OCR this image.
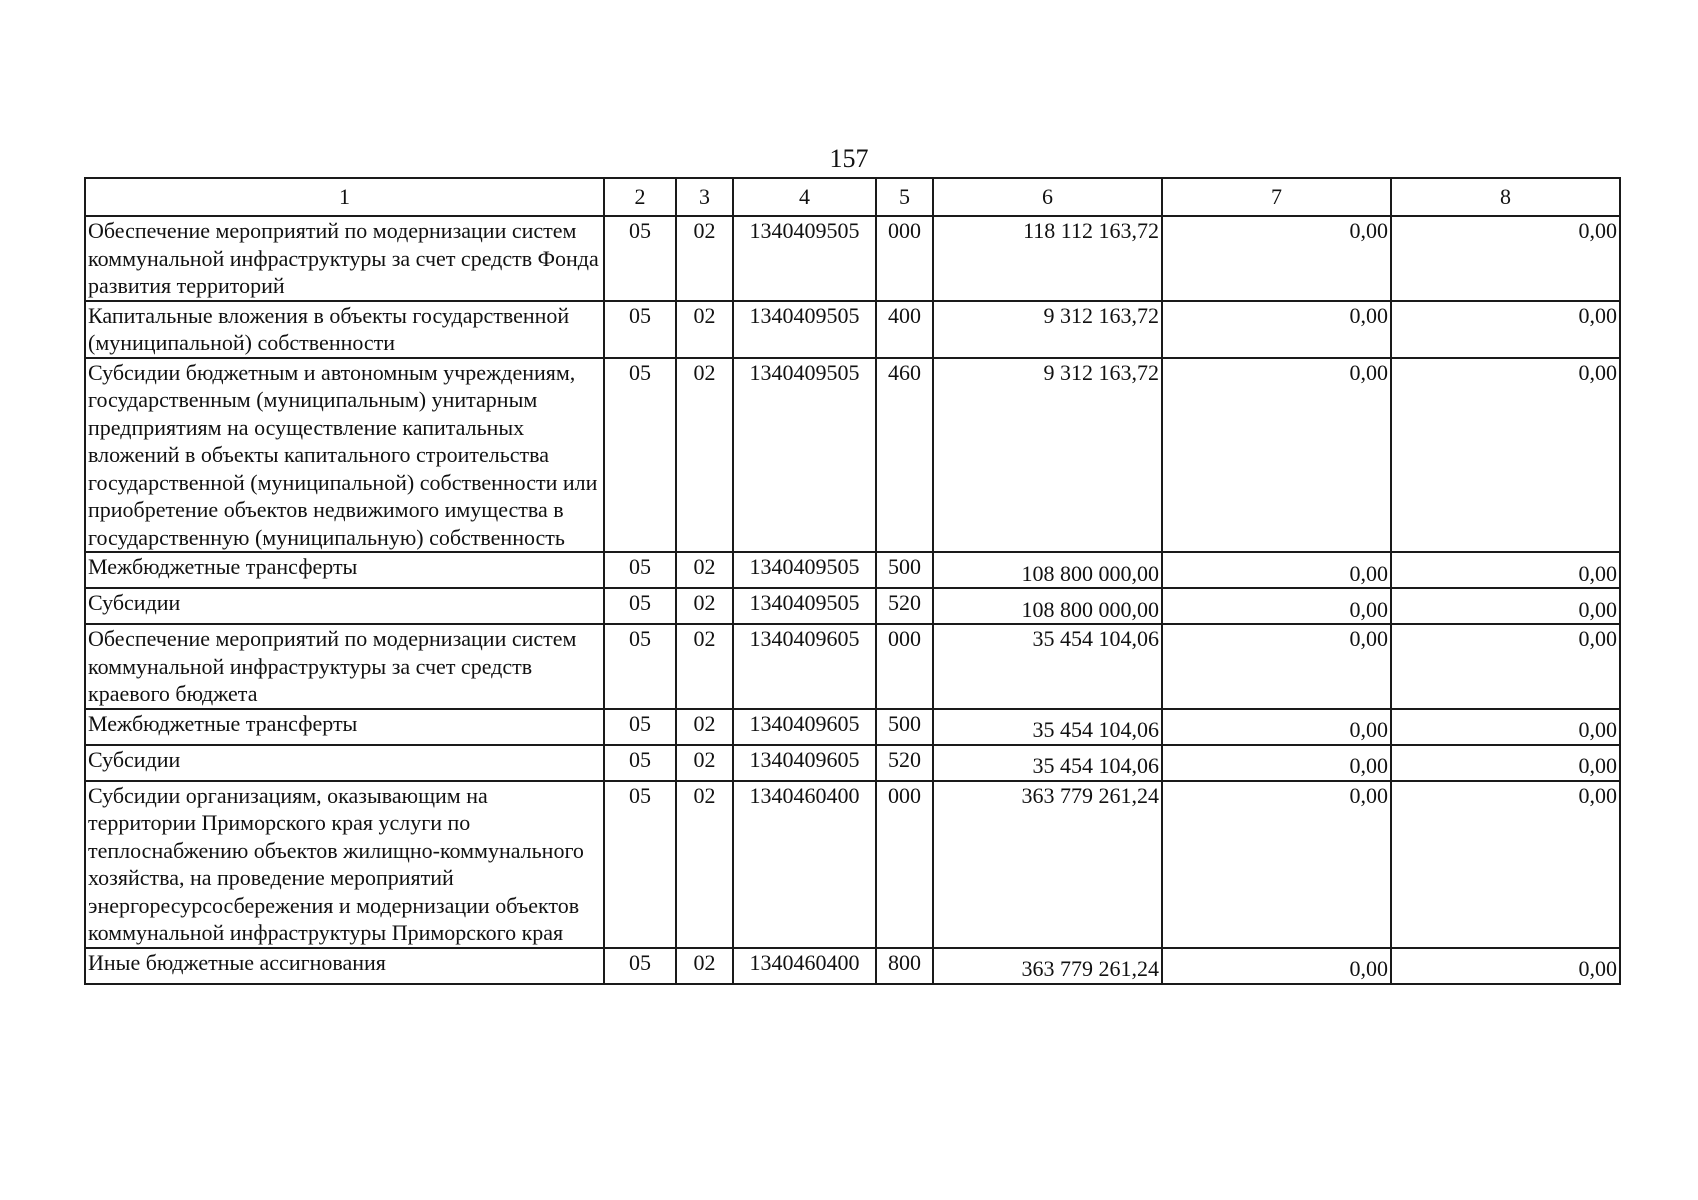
157
1	2	3	4	5	6	7	8
Обеспечение мероприятий по модернизации систем коммунальной инфраструктуры за счет средств Фонда развития территорий	05	02	1340409505	000	118 112 163,72	0,00	0,00
Капитальные вложения в объекты государственной (муниципальной) собственности	05	02	1340409505	400	9 312 163,72	0,00	0,00
Субсидии бюджетным и автономным учреждениям, государственным (муниципальным) унитарным предприятиям на осуществление капитальных вложений в объекты капитального строительства государственной (муниципальной) собственности или приобретение объектов недвижимого имущества в государственную (муниципальную) собственность	05	02	1340409505	460	9 312 163,72	0,00	0,00
Межбюджетные трансферты	05	02	1340409505	500	108 800 000,00	0,00	0,00
Субсидии	05	02	1340409505	520	108 800 000,00	0,00	0,00
Обеспечение мероприятий по модернизации систем коммунальной инфраструктуры за счет средств краевого бюджета	05	02	1340409605	000	35 454 104,06	0,00	0,00
Межбюджетные трансферты	05	02	1340409605	500	35 454 104,06	0,00	0,00
Субсидии	05	02	1340409605	520	35 454 104,06	0,00	0,00
Субсидии организациям, оказывающим на территории Приморского края услуги по теплоснабжению объектов жилищно-коммунального хозяйства, на проведение мероприятий энергоресурсосбережения и модернизации объектов коммунальной инфраструктуры Приморского края	05	02	1340460400	000	363 779 261,24	0,00	0,00
Иные бюджетные ассигнования	05	02	1340460400	800	363 779 261,24	0,00	0,00
